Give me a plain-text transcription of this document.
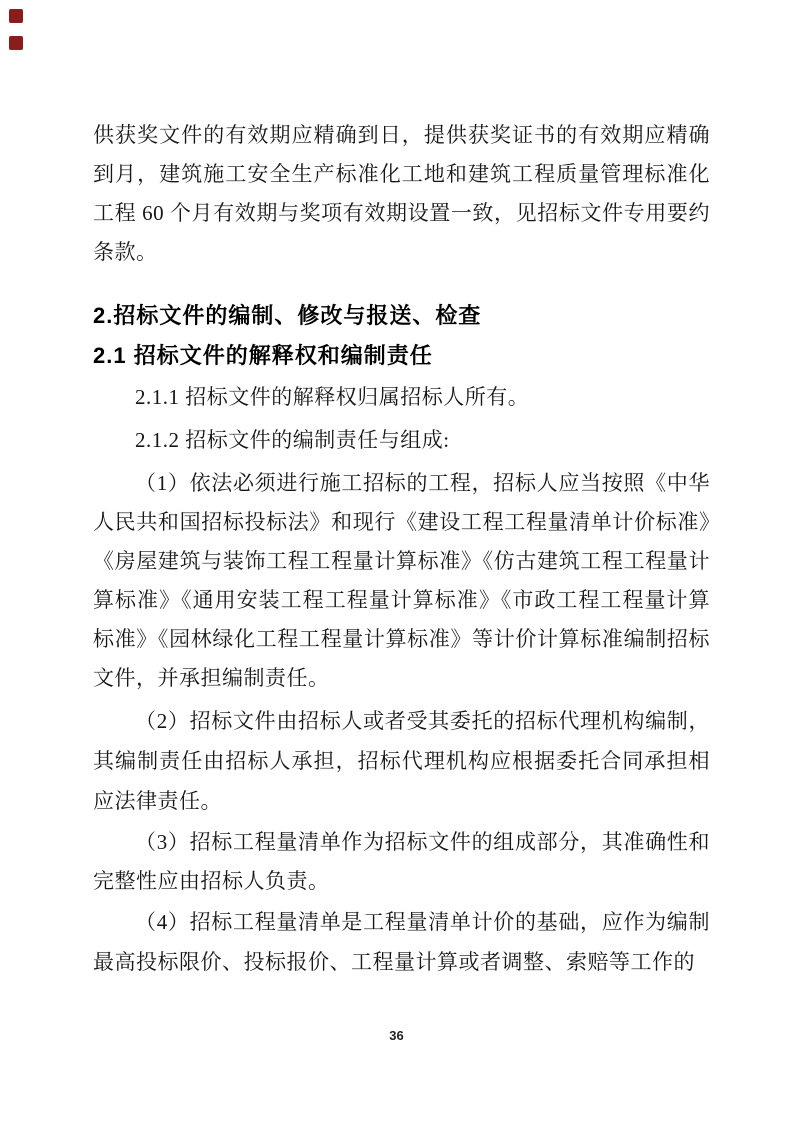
供获奖文件的有效期应精确到日，提供获奖证书的有效期应精确到月，建筑施工安全生产标准化工地和建筑工程质量管理标准化工程 60 个月有效期与奖项有效期设置一致，见招标文件专用要约条款。

2.招标文件的编制、修改与报送、检查

2.1 招标文件的解释权和编制责任

2.1.1 招标文件的解释权归属招标人所有。

2.1.2 招标文件的编制责任与组成:

（1）依法必须进行施工招标的工程，招标人应当按照《中华人民共和国招标投标法》和现行《建设工程工程量清单计价标准》《房屋建筑与装饰工程工程量计算标准》《仿古建筑工程工程量计算标准》《通用安装工程工程量计算标准》《市政工程工程量计算标准》《园林绿化工程工程量计算标准》等计价计算标准编制招标文件，并承担编制责任。

（2）招标文件由招标人或者受其委托的招标代理机构编制，其编制责任由招标人承担，招标代理机构应根据委托合同承担相应法律责任。

（3）招标工程量清单作为招标文件的组成部分，其准确性和完整性应由招标人负责。

（4）招标工程量清单是工程量清单计价的基础，应作为编制最高投标限价、投标报价、工程量计算或者调整、索赔等工作的

36
